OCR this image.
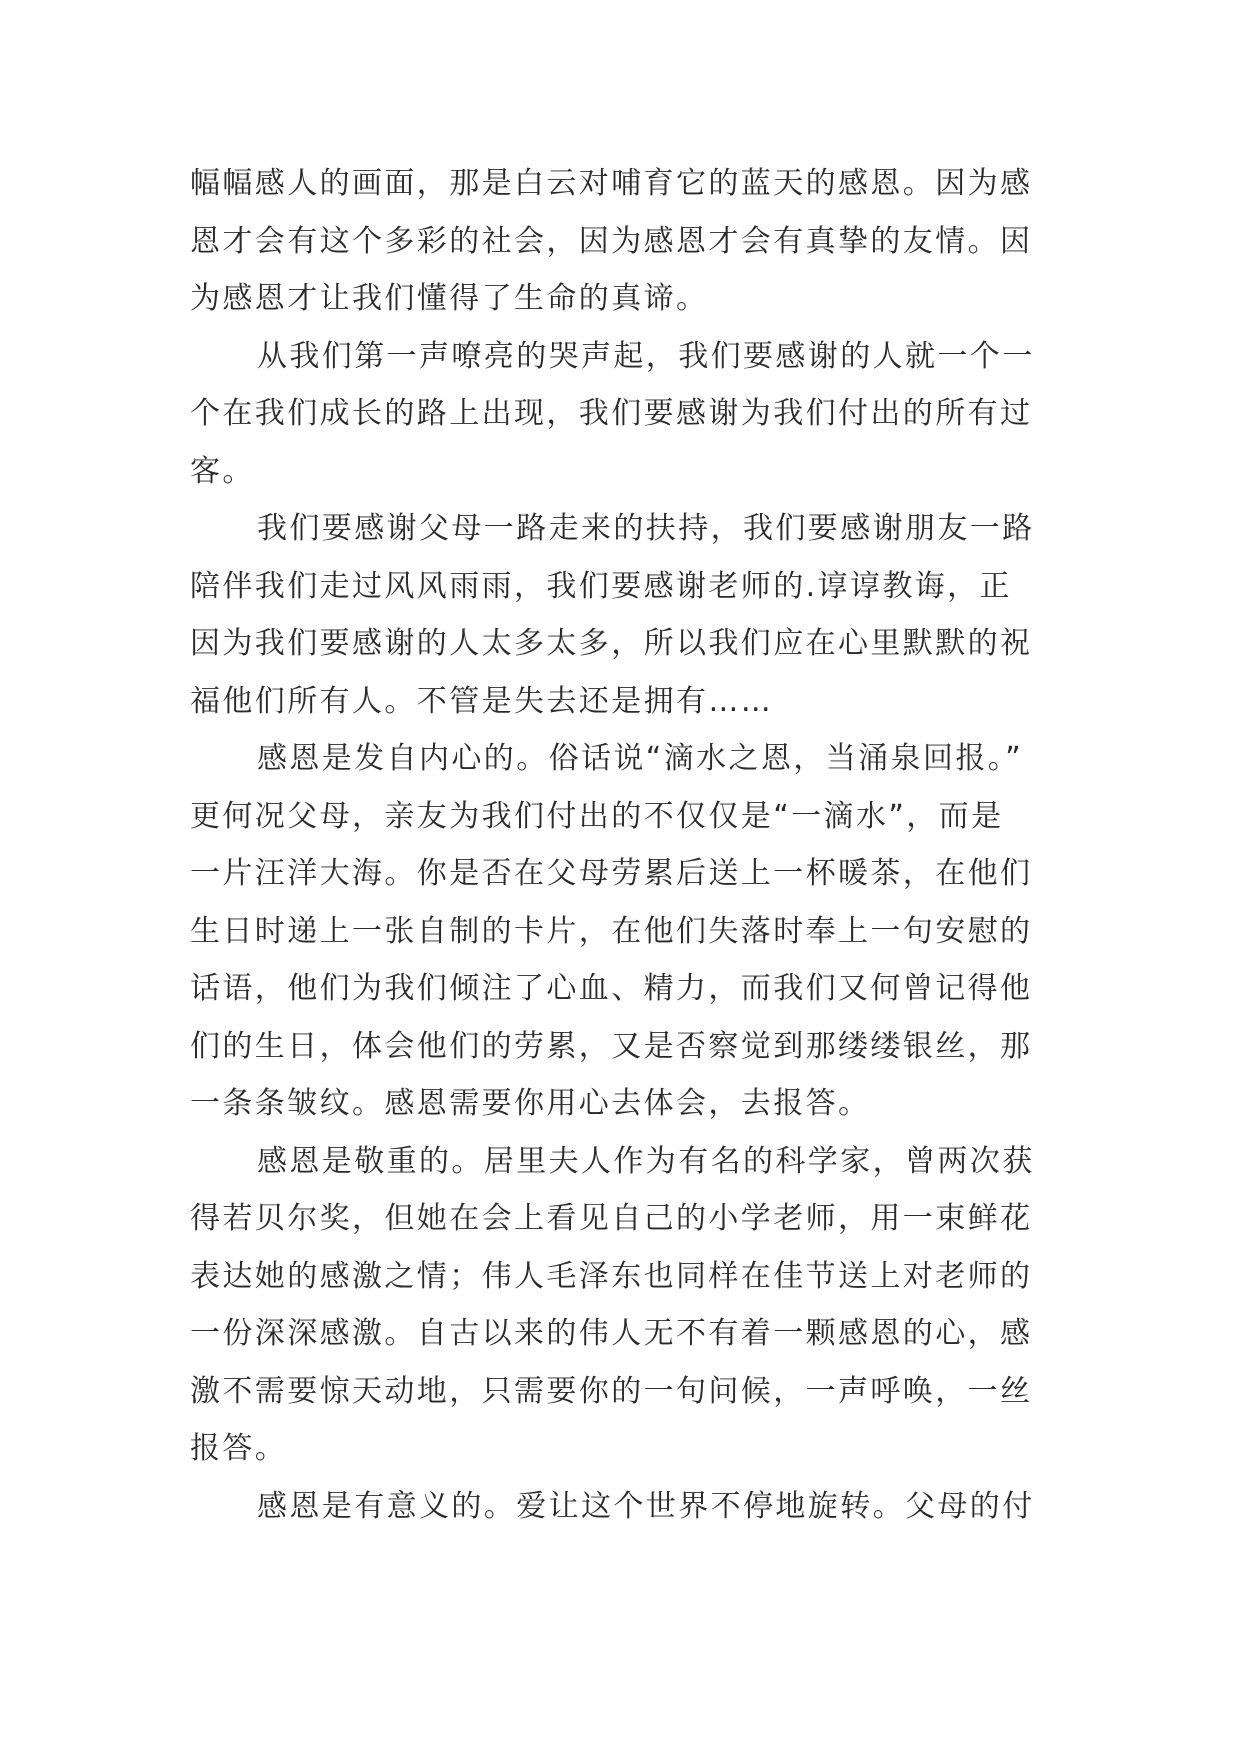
幅幅感人的画面，那是白云对哺育它的蓝天的感恩。因为感
恩才会有这个多彩的社会，因为感恩才会有真挚的友情。因
为感恩才让我们懂得了生命的真谛。
从我们第一声嘹亮的哭声起，我们要感谢的人就一个一
个在我们成长的路上出现，我们要感谢为我们付出的所有过
客。
我们要感谢父母一路走来的扶持，我们要感谢朋友一路
陪伴我们走过风风雨雨，我们要感谢老师的.谆谆教诲，正
因为我们要感谢的人太多太多，所以我们应在心里默默的祝
福他们所有人。不管是失去还是拥有……
感恩是发自内心的。俗话说“滴水之恩，当涌泉回报。”
更何况父母，亲友为我们付出的不仅仅是“一滴水”，而是
一片汪洋大海。你是否在父母劳累后送上一杯暖茶，在他们
生日时递上一张自制的卡片，在他们失落时奉上一句安慰的
话语，他们为我们倾注了心血、精力，而我们又何曾记得他
们的生日，体会他们的劳累，又是否察觉到那缕缕银丝，那
一条条皱纹。感恩需要你用心去体会，去报答。
感恩是敬重的。居里夫人作为有名的科学家，曾两次获
得若贝尔奖，但她在会上看见自己的小学老师，用一束鲜花
表达她的感激之情；伟人毛泽东也同样在佳节送上对老师的
一份深深感激。自古以来的伟人无不有着一颗感恩的心，感
激不需要惊天动地，只需要你的一句问候，一声呼唤，一丝
报答。
感恩是有意义的。爱让这个世界不停地旋转。父母的付
